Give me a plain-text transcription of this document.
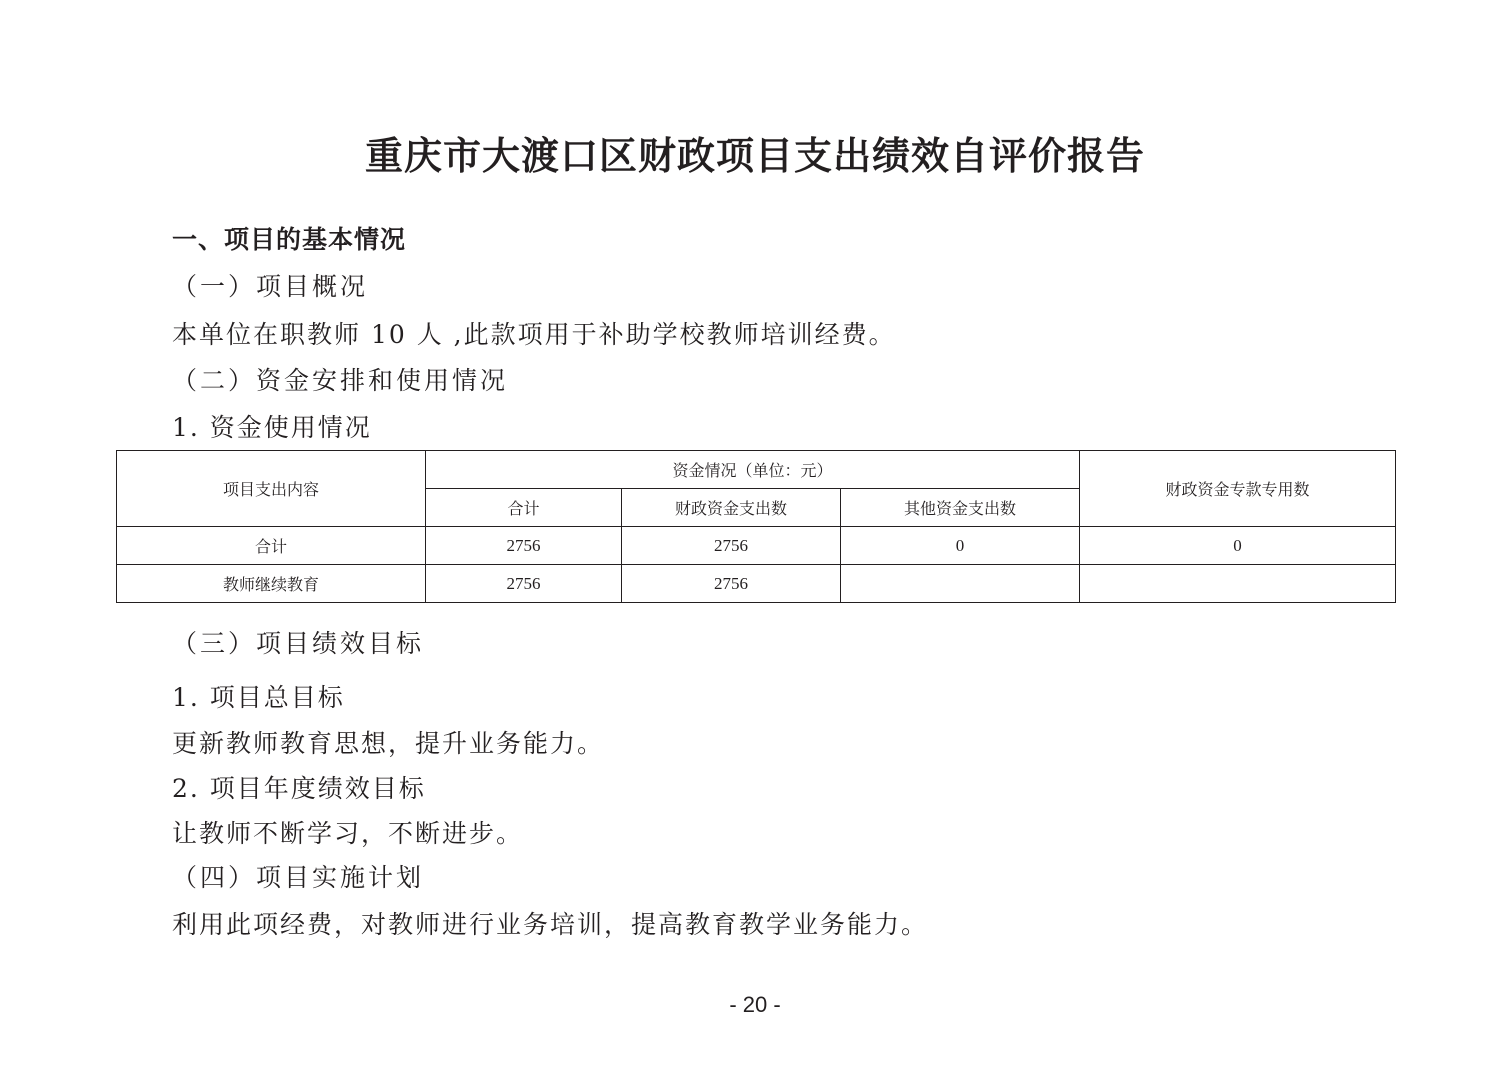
重庆市大渡口区财政项目支出绩效自评价报告
一、项目的基本情况
（一）项目概况
本单位在职教师 10 人 ,此款项用于补助学校教师培训经费。
（二）资金安排和使用情况
1. 资金使用情况
项目支出内容	资金情况（单位：元）			财政资金专款专用数
	合计	财政资金支出数	其他资金支出数	
合计	2756	2756	0	0
教师继续教育	2756	2756		
（三）项目绩效目标
1. 项目总目标
更新教师教育思想，提升业务能力。
2. 项目年度绩效目标
让教师不断学习，不断进步。
（四）项目实施计划
利用此项经费，对教师进行业务培训，提高教育教学业务能力。
- 20 -
